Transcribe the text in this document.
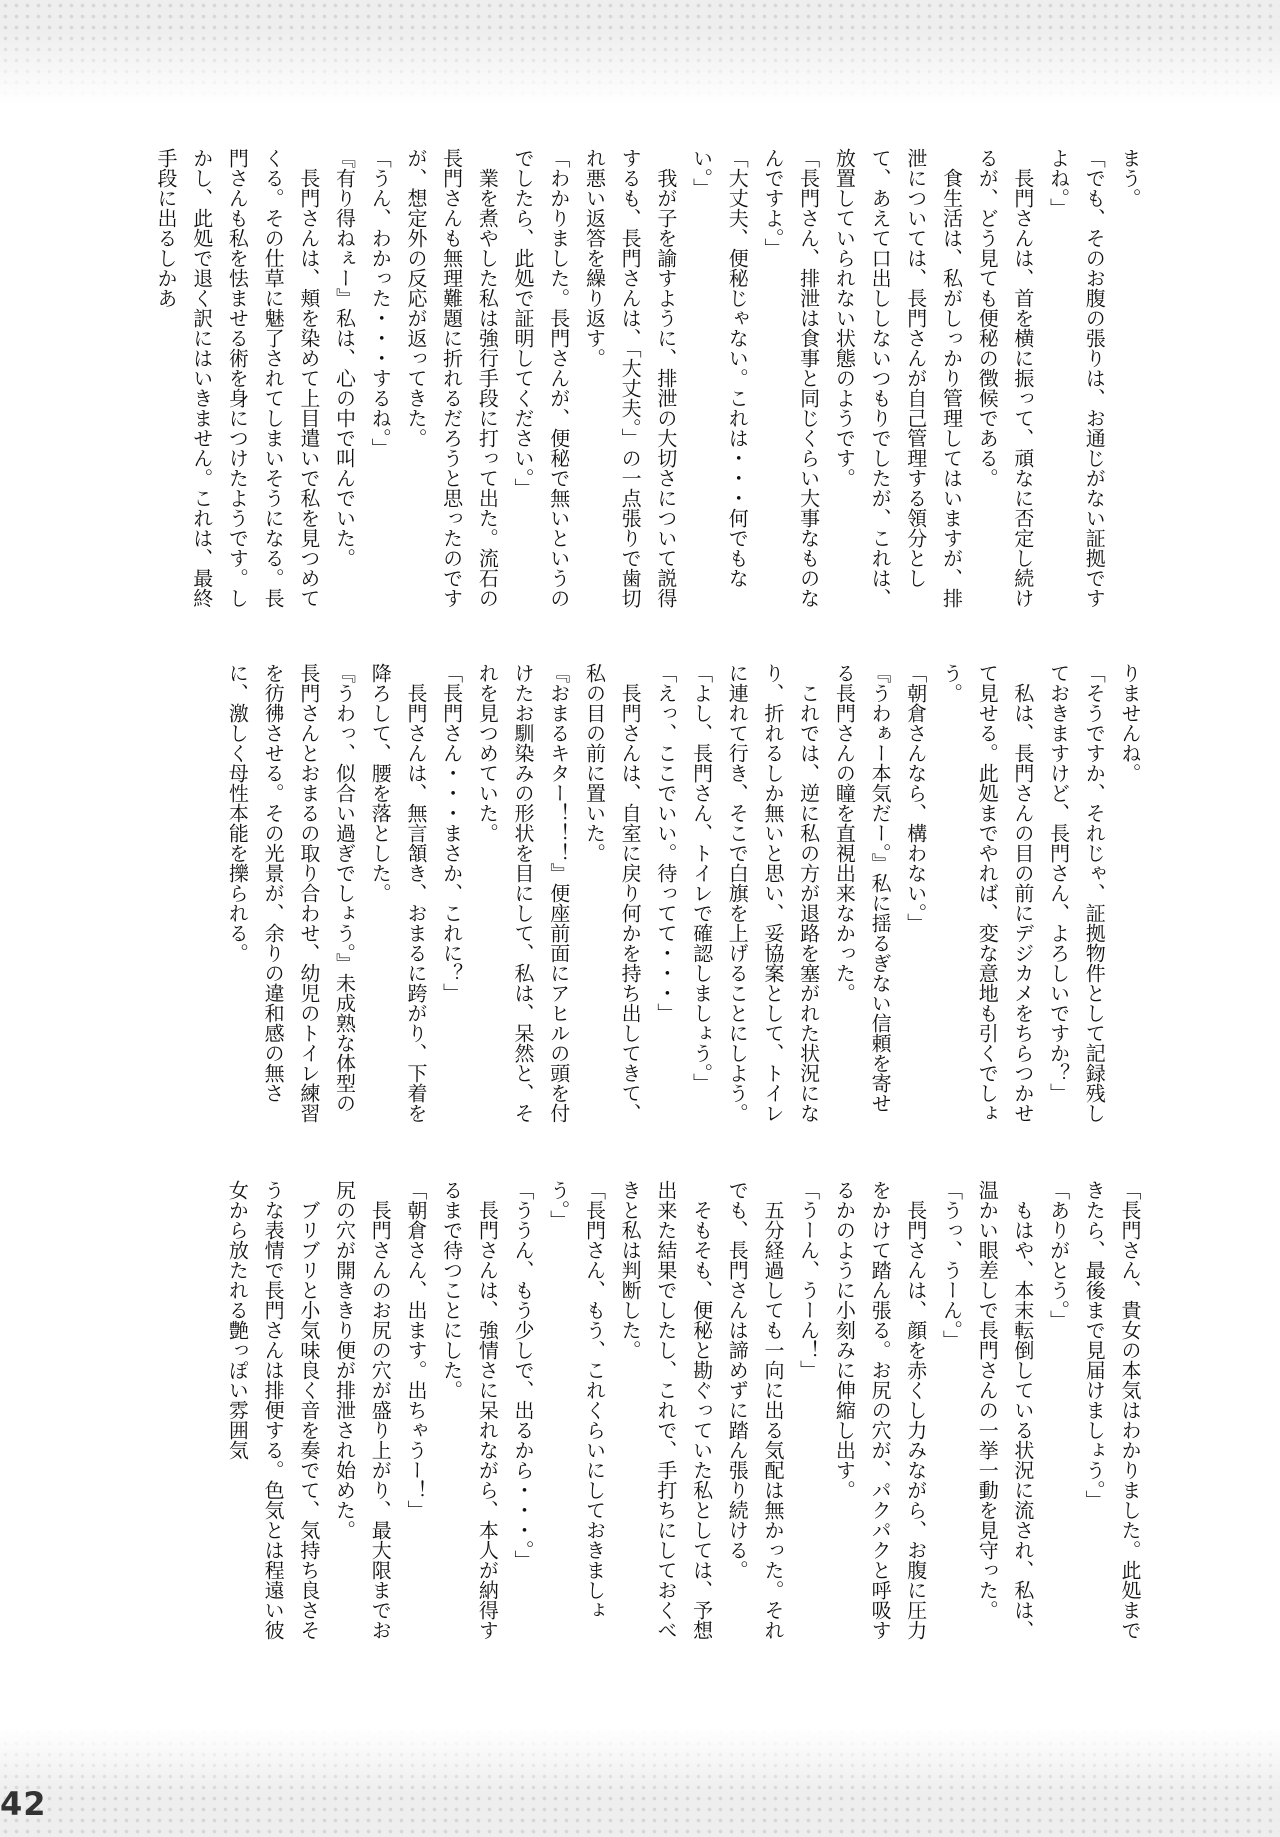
まう。

「でも、そのお腹の張りは、お通じがない証拠ですよね。」

　長門さんは、首を横に振って、頑なに否定し続けるが、どう見ても便秘の徴候である。

　食生活は、私がしっかり管理してはいますが、排泄については、長門さんが自己管理する領分として、あえて口出ししないつもりでしたが、これは、放置していられない状態のようです。

「長門さん、排泄は食事と同じくらい大事なものなんですよ。」

「大丈夫、便秘じゃない。これは・・・何でもない。」

　我が子を諭すように、排泄の大切さについて説得するも、長門さんは、「大丈夫。」の一点張りで歯切れ悪い返答を繰り返す。

「わかりました。長門さんが、便秘で無いというのでしたら、此処で証明してください。」

　業を煮やした私は強行手段に打って出た。流石の長門さんも無理難題に折れるだろうと思ったのですが、想定外の反応が返ってきた。

「うん、わかった・・・するね。」

『有り得ねぇー』私は、心の中で叫んでいた。

　長門さんは、頬を染めて上目遣いで私を見つめてくる。その仕草に魅了されてしまいそうになる。長門さんも私を怯ませる術を身につけたようです。しかし、此処で退く訳にはいきません。これは、最終手段に出るしかあ

りませんね。

「そうですか、それじゃ、証拠物件として記録残しておきますけど、長門さん、よろしいですか？」

　私は、長門さんの目の前にデジカメをちらつかせて見せる。此処までやれば、変な意地も引くでしょう。

「朝倉さんなら、構わない。」

『うわぁー本気だー。』私に揺るぎない信頼を寄せる長門さんの瞳を直視出来なかった。

　これでは、逆に私の方が退路を塞がれた状況になり、折れるしか無いと思い、妥協案として、トイレに連れて行き、そこで白旗を上げることにしよう。

「よし、長門さん、トイレで確認しましょう。」

「えっ、ここでいい。待ってて・・・」

　長門さんは、自室に戻り何かを持ち出してきて、私の目の前に置いた。

『おまるキター！！！』便座前面にアヒルの頭を付けたお馴染みの形状を目にして、私は、呆然と、それを見つめていた。

「長門さん・・・まさか、これに？」

　長門さんは、無言頷き、おまるに跨がり、下着を降ろして、腰を落とした。

『うわっ、似合い過ぎでしょう。』未成熟な体型の長門さんとおまるの取り合わせ、幼児のトイレ練習を彷彿させる。その光景が、余りの違和感の無さに、激しく母性本能を擽られる。

「長門さん、貴女の本気はわかりました。此処まできたら、最後まで見届けましょう。」

「ありがとう。」

　もはや、本末転倒している状況に流され、私は、温かい眼差しで長門さんの一挙一動を見守った。

「うっ、うーん。」

　長門さんは、顔を赤くし力みながら、お腹に圧力をかけて踏ん張る。お尻の穴が、パクパクと呼吸するかのように小刻みに伸縮し出す。

「うーん、うーん！」

　五分経過しても一向に出る気配は無かった。それでも、長門さんは諦めずに踏ん張り続ける。

　そもそも、便秘と勘ぐっていた私としては、予想出来た結果でしたし、これで、手打ちにしておくべきと私は判断した。

「長門さん、もう、これくらいにしておきましょう。」

「ううん、もう少しで、出るから・・・。」

　長門さんは、強情さに呆れながら、本人が納得するまで待つことにした。

「朝倉さん、出ます。出ちゃうー！」

　長門さんのお尻の穴が盛り上がり、最大限までお尻の穴が開ききり便が排泄され始めた。

　ブリブリと小気味良く音を奏でて、気持ち良さそうな表情で長門さんは排便する。色気とは程遠い彼女から放たれる艶っぽい雰囲気

42
